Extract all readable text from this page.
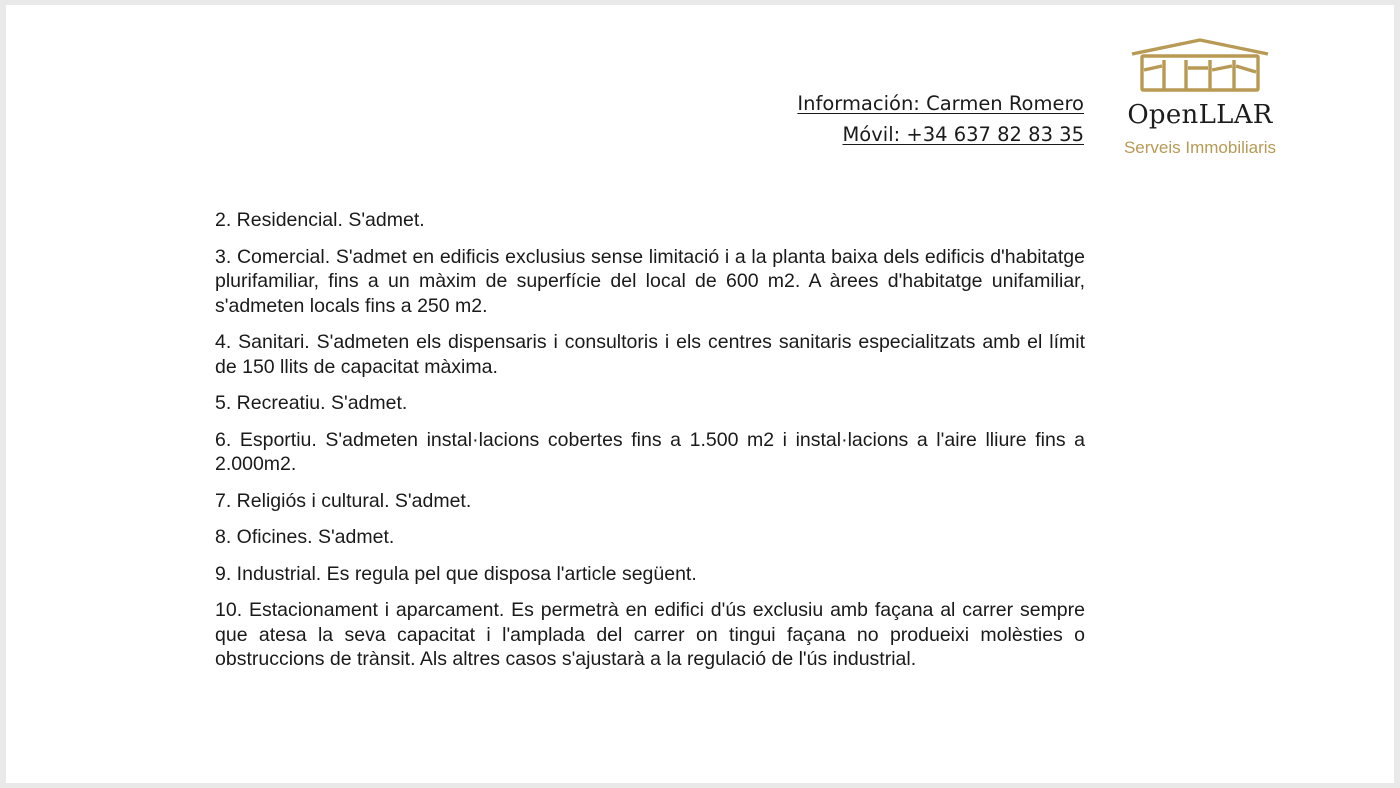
Información: Carmen Romero
Móvil: +34 637 82 83 35
OpenLLAR
Serveis Immobiliaris

2. Residencial. S'admet.

3. Comercial. S'admet en edificis exclusius sense limitació i a la planta baixa dels edificis d'habitatge plurifamiliar, fins a un màxim de superfície del local de 600 m2. A àrees d'habitatge unifamiliar, s'admeten locals fins a 250 m2.

4. Sanitari. S'admeten els dispensaris i consultoris i els centres sanitaris especialitzats amb el límit de 150 llits de capacitat màxima.

5. Recreatiu. S'admet.

6. Esportiu. S'admeten instal·lacions cobertes fins a 1.500 m2 i instal·lacions a l'aire lliure fins a 2.000m2.

7. Religiós i cultural. S'admet.

8. Oficines. S'admet.

9. Industrial. Es regula pel que disposa l'article següent.

10. Estacionament i aparcament. Es permetrà en edifici d'ús exclusiu amb façana al carrer sempre que atesa la seva capacitat i l'amplada del carrer on tingui façana no produeixi molèsties o obstruccions de trànsit. Als altres casos s'ajustarà a la regulació de l'ús industrial.
